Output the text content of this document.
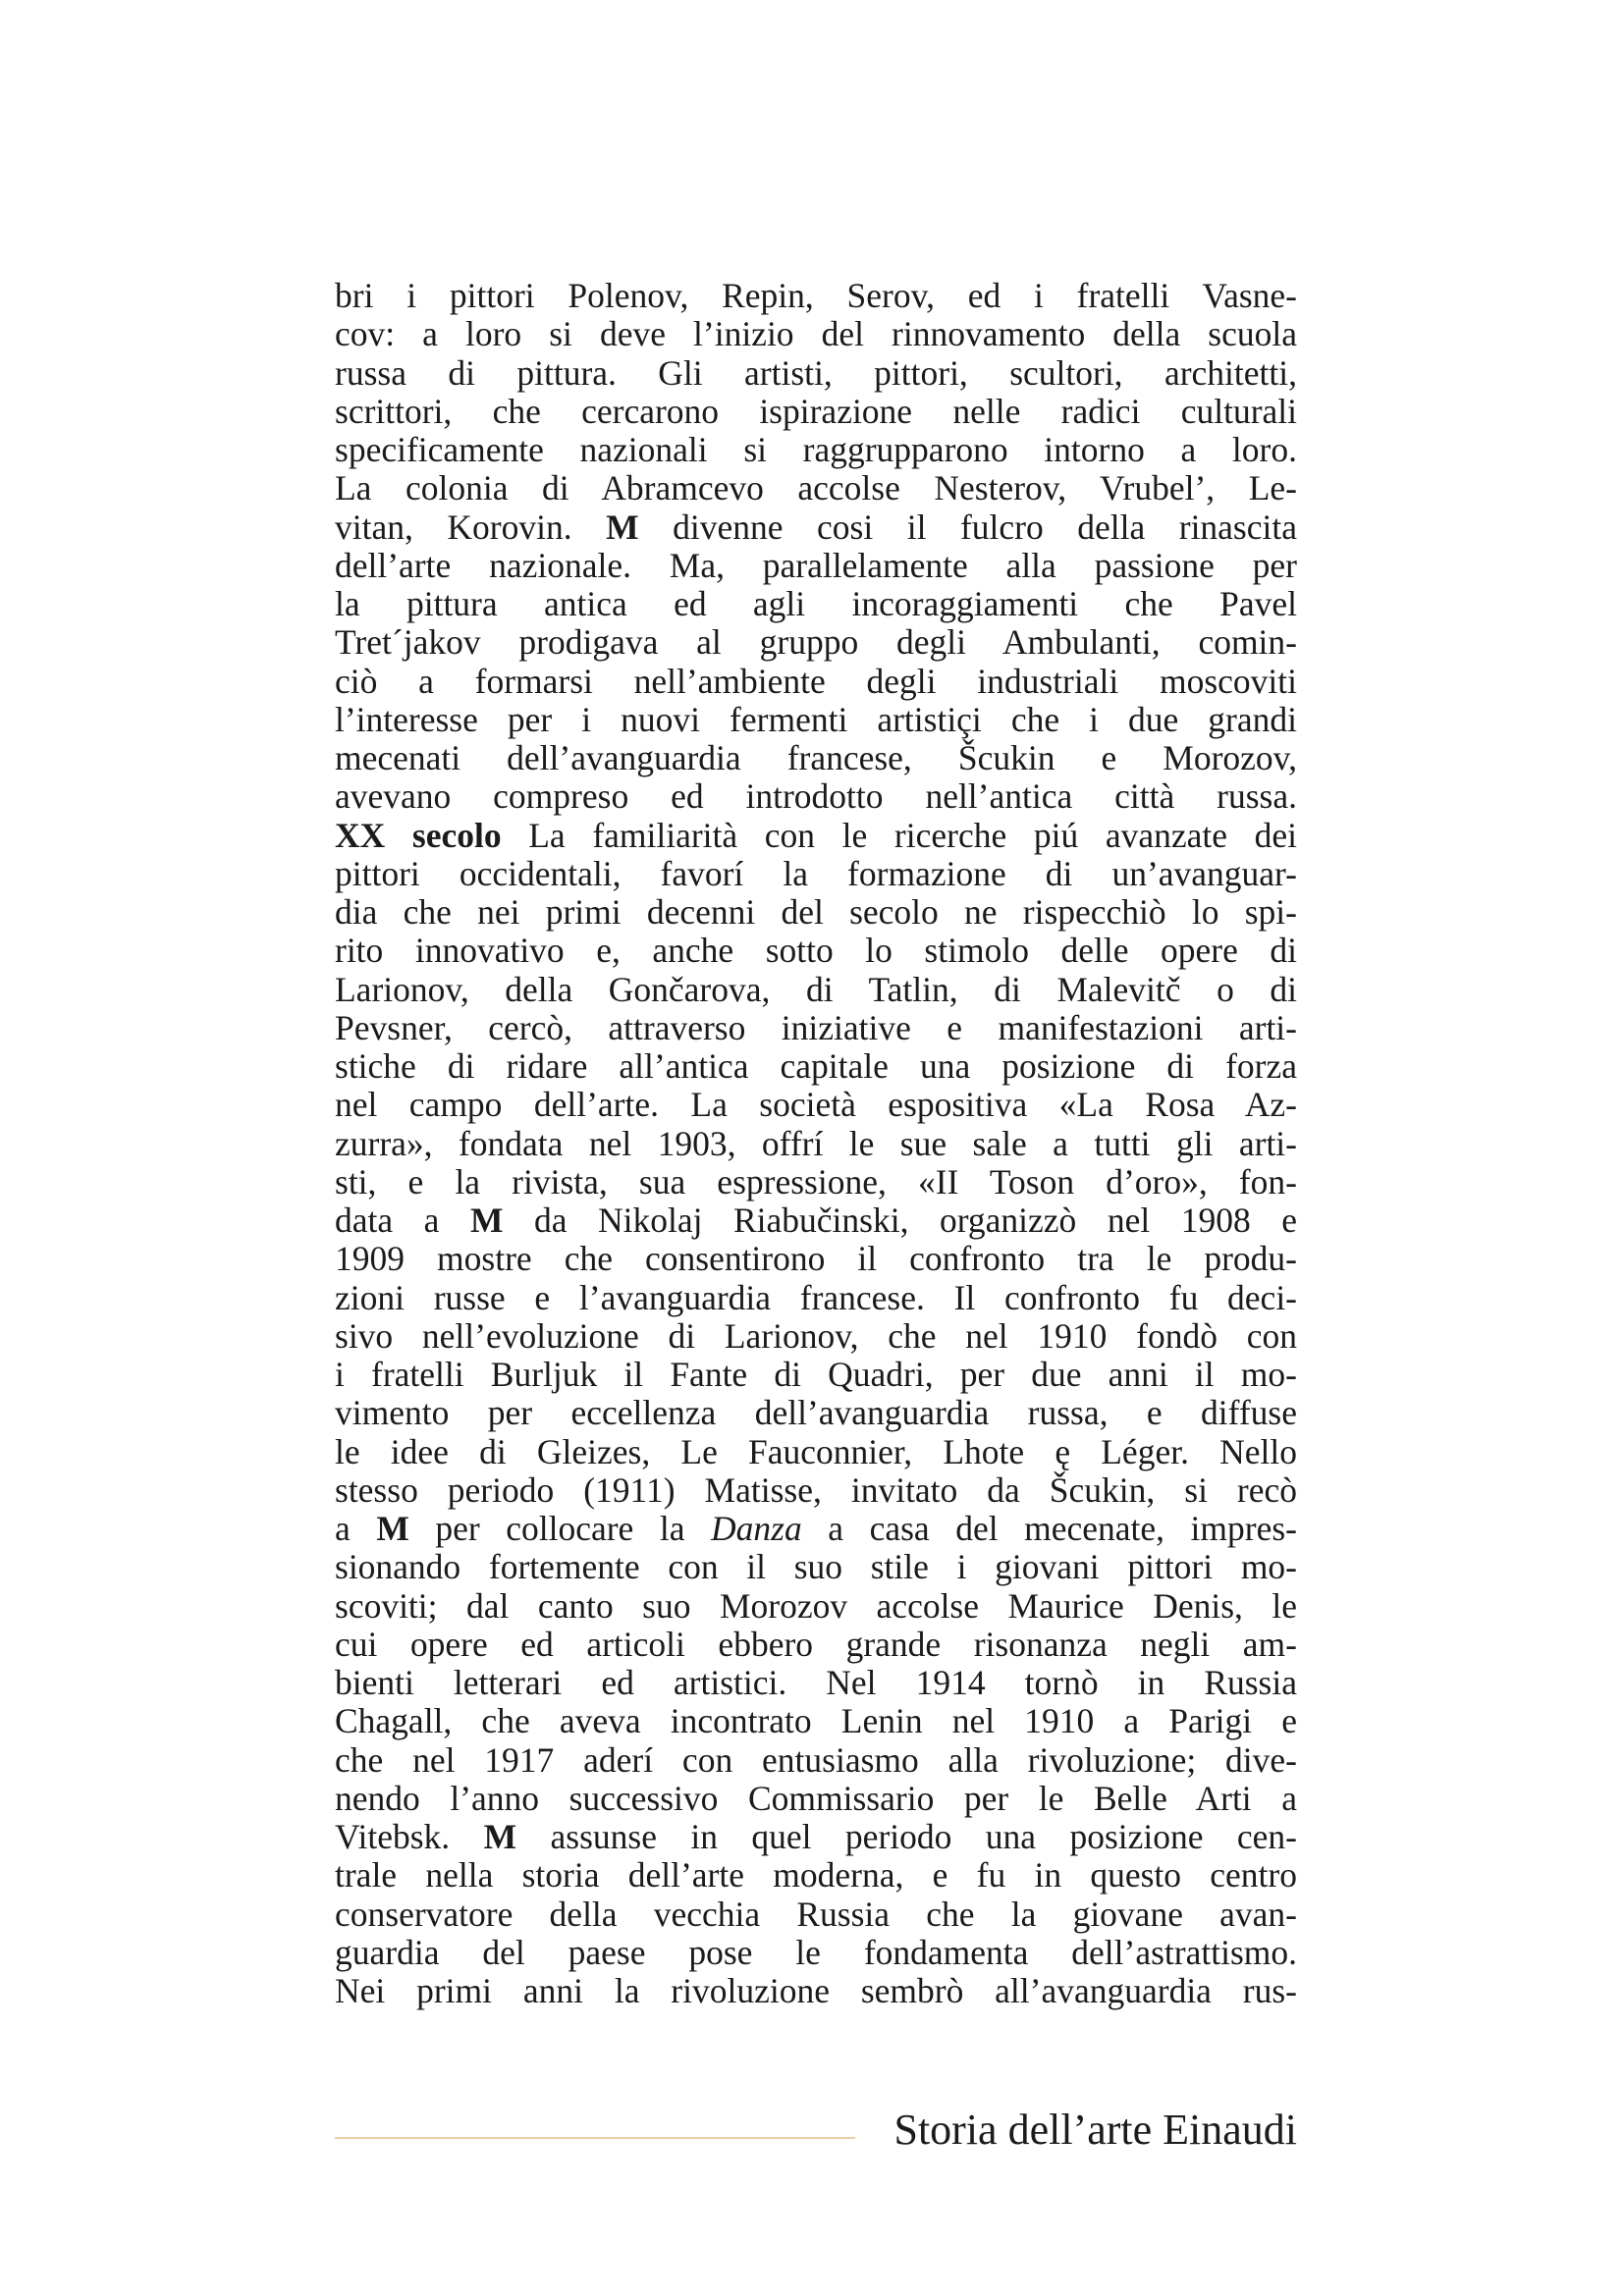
bri i pittori Polenov, Repin, Serov, ed i fratelli Vasne-
cov: a loro si deve l’inizio del rinnovamento della scuola
russa di pittura. Gli artisti, pittori, scultori, architetti,
scrittori, che cercarono ispirazione nelle radici culturali
specificamente nazionali si raggrupparono intorno a loro.
La colonia di Abramcevo accolse Nesterov, Vrubel’, Le-
vitan, Korovin. M divenne cosi il fulcro della rinascita
dell’arte nazionale. Ma, parallelamente alla passione per
la pittura antica ed agli incoraggiamenti che Pavel
Tret´jakov prodigava al gruppo degli Ambulanti, comin-
ciò a formarsi nell’ambiente degli industriali moscoviti
l’interesse per i nuovi fermenti artistiçi che i due grandi
mecenati dell’avanguardia francese, Šcukin e Morozov,
avevano compreso ed introdotto nell’antica città russa.
XX secolo La familiarità con le ricerche piú avanzate dei
pittori occidentali, favorí la formazione di un’avanguar-
dia che nei primi decenni del secolo ne rispecchiò lo spi-
rito innovativo e, anche sotto lo stimolo delle opere di
Larionov, della Gončarova, di Tatlin, di Malevitč o di
Pevsner, cercò, attraverso iniziative e manifestazioni arti-
stiche di ridare all’antica capitale una posizione di forza
nel campo dell’arte. La società espositiva «La Rosa Az-
zurra», fondata nel 1903, offrí le sue sale a tutti gli arti-
sti, e la rivista, sua espressione, «II Toson d’oro», fon-
data a M da Nikolaj Riabučinski, organizzò nel 1908 e
1909 mostre che consentirono il confronto tra le produ-
zioni russe e l’avanguardia francese. Il confronto fu deci-
sivo nell’evoluzione di Larionov, che nel 1910 fondò con
i fratelli Burljuk il Fante di Quadri, per due anni il mo-
vimento per eccellenza dell’avanguardia russa, e diffuse
le idee di Gleizes, Le Fauconnier, Lhote ę Léger. Nello
stesso periodo (1911) Matisse, invitato da Šcukin, si recò
a M per collocare la Danza a casa del mecenate, impres-
sionando fortemente con il suo stile i giovani pittori mo-
scoviti; dal canto suo Morozov accolse Maurice Denis, le
cui opere ed articoli ebbero grande risonanza negli am-
bienti letterari ed artistici. Nel 1914 tornò in Russia
Chagall, che aveva incontrato Lenin nel 1910 a Parigi e
che nel 1917 aderí con entusiasmo alla rivoluzione; dive-
nendo l’anno successivo Commissario per le Belle Arti a
Vitebsk. M assunse in quel periodo una posizione cen-
trale nella storia dell’arte moderna, e fu in questo centro
conservatore della vecchia Russia che la giovane avan-
guardia del paese pose le fondamenta dell’astrattismo.
Nei primi anni la rivoluzione sembrò all’avanguardia rus-
Storia dell’arte Einaudi
